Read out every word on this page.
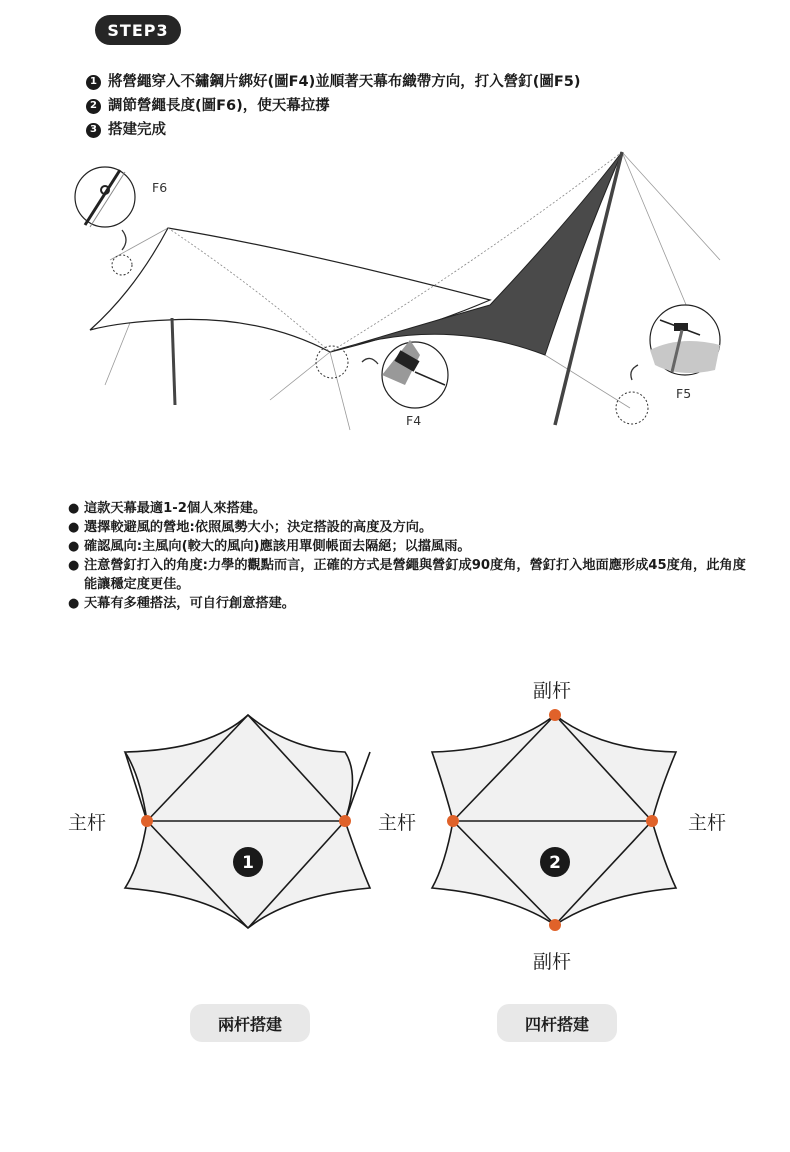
STEP3
1 將營繩穿入不鏽鋼片綁好(圖F4)並順著天幕布織帶方向，打入營釘(圖F5)
2 調節營繩長度(圖F6)，使天幕拉撐
3 搭建完成
F6
F4
F5
● 這款天幕最適1-2個人來搭建。
● 選擇較避風的營地:依照風勢大小；決定搭設的高度及方向。
● 確認風向:主風向(較大的風向)應該用單側帳面去隔絕；以擋風雨。
● 注意營釘打入的角度:力學的觀點而言，正確的方式是營繩與營釘成90度角，營釘打入地面應形成45度角，此角度能讓穩定度更佳。
● 天幕有多種搭法，可自行創意搭建。
1
主杆	主杆
2
副杆
副杆
主杆
兩杆搭建	四杆搭建
